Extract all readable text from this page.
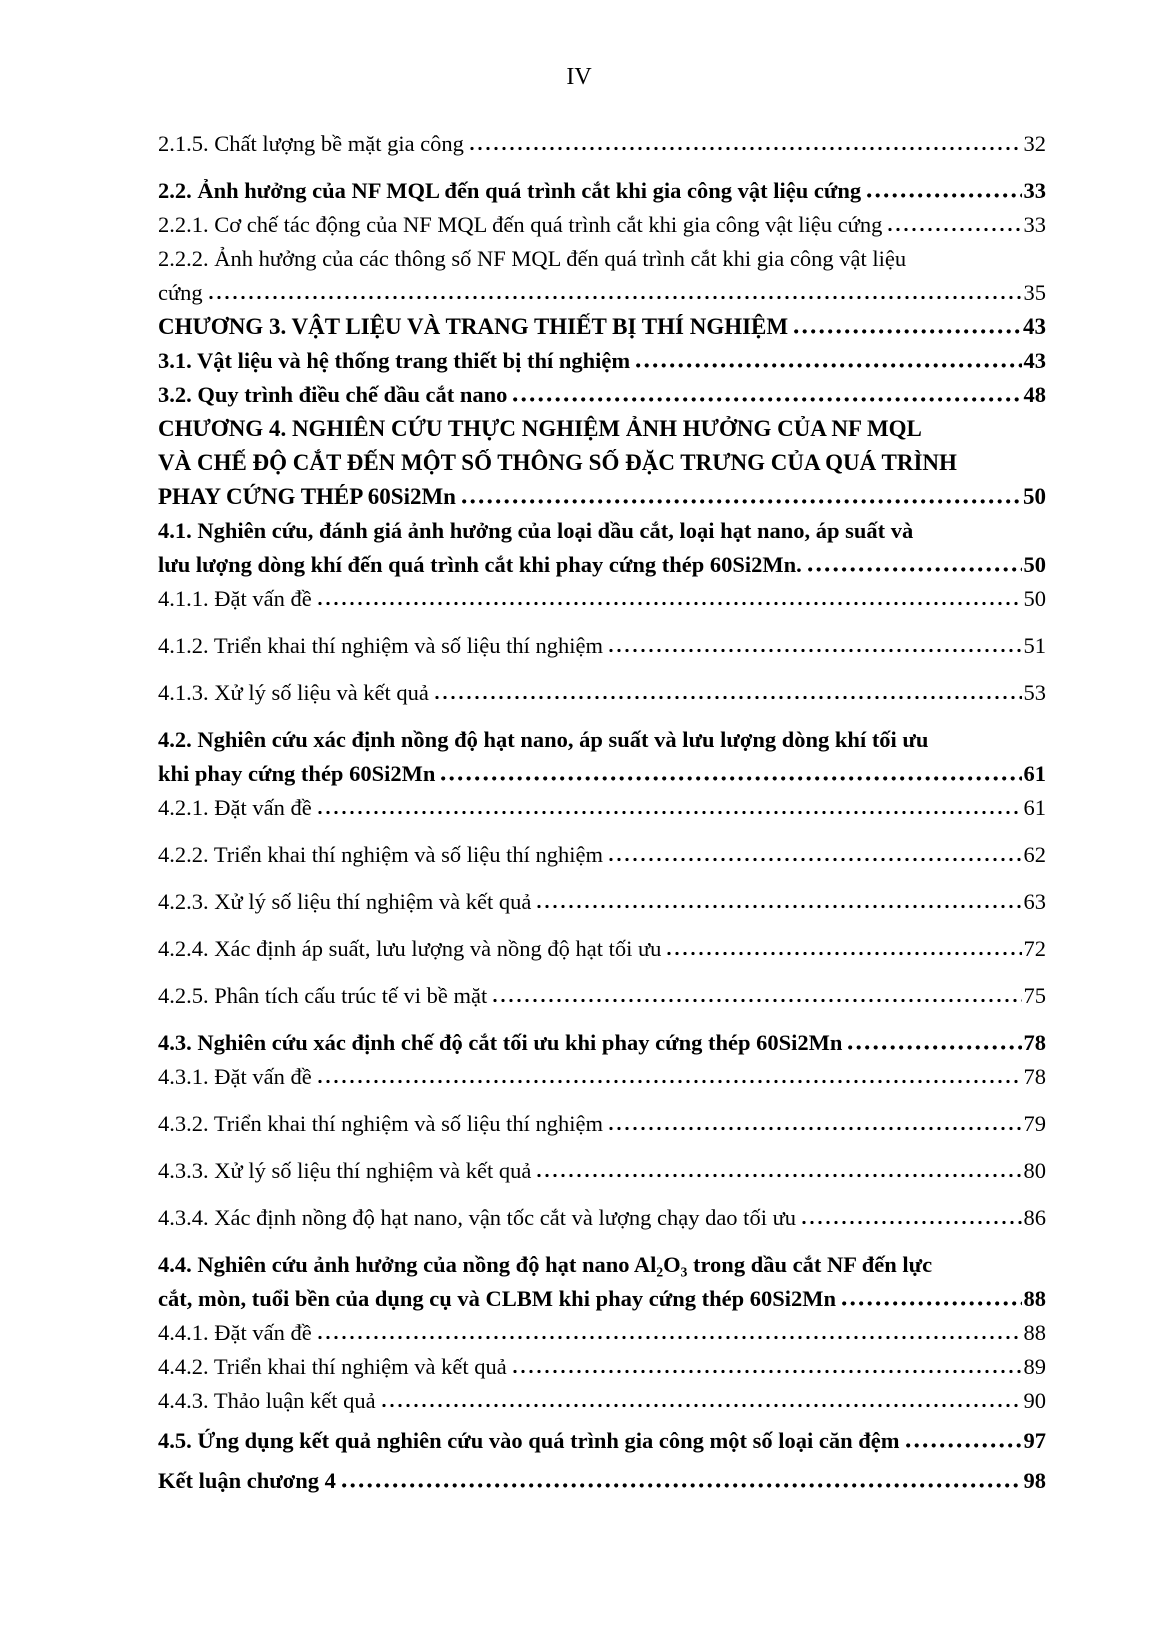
IV
2.1.5. Chất lượng bề mặt gia công	32
2.2. Ảnh hưởng của NF MQL đến quá trình cắt khi gia công vật liệu cứng	33
2.2.1. Cơ chế tác động của NF MQL đến quá trình cắt khi gia công vật liệu cứng	33
2.2.2. Ảnh hưởng của các thông số NF MQL đến quá trình cắt khi gia công vật liệu
cứng	35
CHƯƠNG 3. VẬT LIỆU VÀ TRANG THIẾT BỊ THÍ NGHIỆM	43
3.1. Vật liệu và hệ thống trang thiết bị thí nghiệm	43
3.2. Quy trình điều chế dầu cắt nano	48
CHƯƠNG 4. NGHIÊN CỨU THỰC NGHIỆM ẢNH HƯỞNG CỦA NF MQL
VÀ CHẾ ĐỘ CẮT ĐẾN MỘT SỐ THÔNG SỐ ĐẶC TRƯNG CỦA QUÁ TRÌNH
PHAY CỨNG THÉP 60Si2Mn	50
4.1. Nghiên cứu, đánh giá ảnh hưởng của loại dầu cắt, loại hạt nano, áp suất và
lưu lượng dòng khí đến quá trình cắt khi phay cứng thép 60Si2Mn.	50
4.1.1. Đặt vấn đề	50
4.1.2. Triển khai thí nghiệm và số liệu thí nghiệm	51
4.1.3. Xử lý số liệu và kết quả	53
4.2. Nghiên cứu xác định nồng độ hạt nano, áp suất và lưu lượng dòng khí tối ưu
khi phay cứng thép 60Si2Mn	61
4.2.1. Đặt vấn đề	61
4.2.2. Triển khai thí nghiệm và số liệu thí nghiệm	62
4.2.3. Xử lý số liệu thí nghiệm và kết quả	63
4.2.4. Xác định áp suất, lưu lượng và nồng độ hạt tối ưu	72
4.2.5. Phân tích cấu trúc tế vi bề mặt	75
4.3. Nghiên cứu xác định chế độ cắt tối ưu khi phay cứng thép 60Si2Mn	78
4.3.1. Đặt vấn đề	78
4.3.2. Triển khai thí nghiệm và số liệu thí nghiệm	79
4.3.3. Xử lý số liệu thí nghiệm và kết quả	80
4.3.4. Xác định nồng độ hạt nano, vận tốc cắt và lượng chạy dao tối ưu	86
4.4. Nghiên cứu ảnh hưởng của nồng độ hạt nano Al₂O₃ trong dầu cắt NF đến lực
cắt, mòn, tuổi bền của dụng cụ và CLBM khi phay cứng thép 60Si2Mn	88
4.4.1. Đặt vấn đề	88
4.4.2. Triển khai thí nghiệm và kết quả	89
4.4.3. Thảo luận kết quả	90
4.5. Ứng dụng kết quả nghiên cứu vào quá trình gia công một số loại căn đệm	97
Kết luận chương 4	98
